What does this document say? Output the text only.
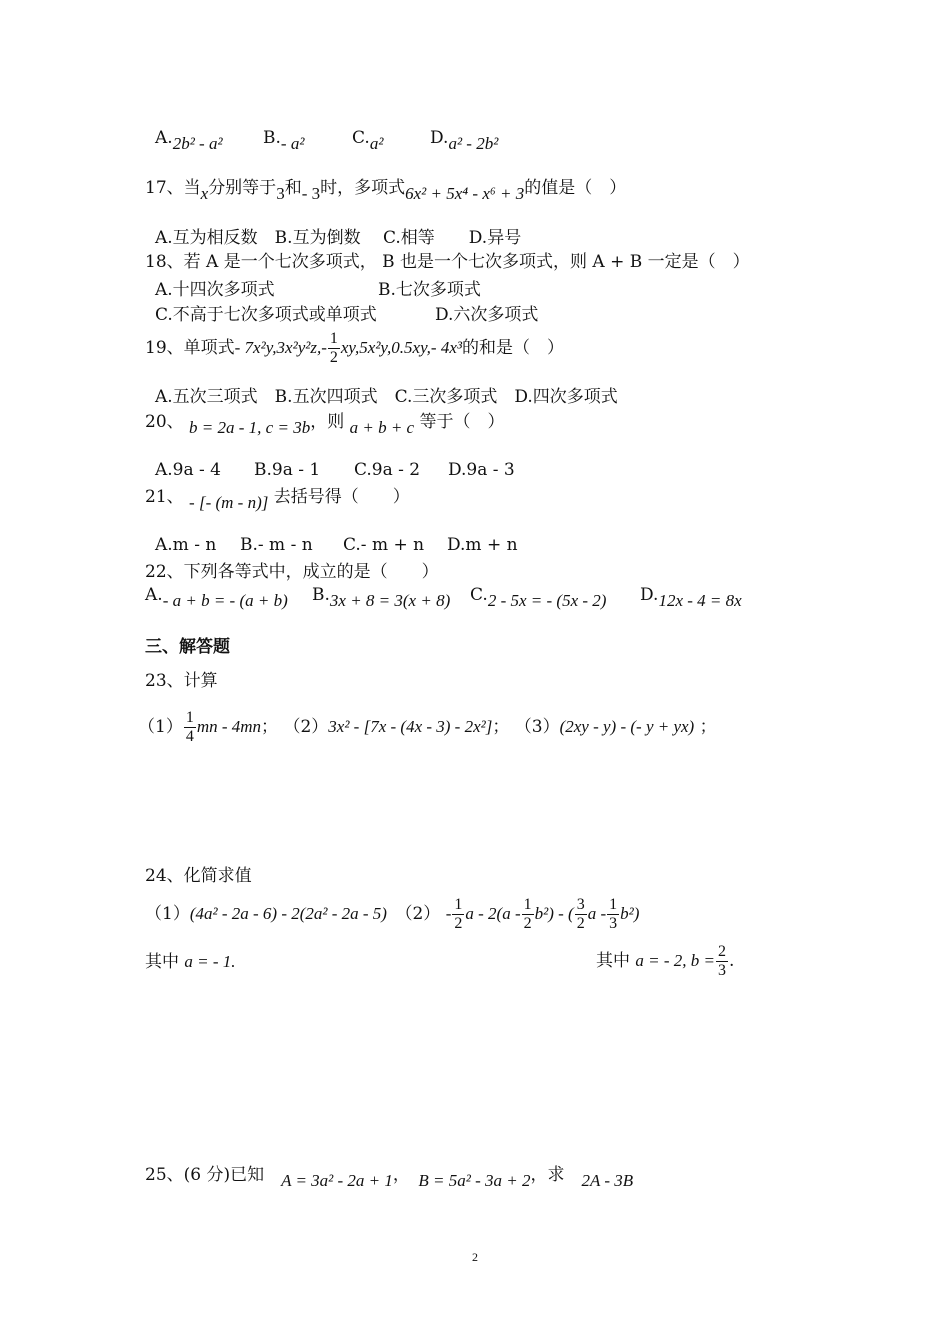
A.2b² - a² B.- a²	C.a²	D.a² - 2b²
17、当x分别等于3和- 3时，多项式6x² + 5x⁴ - x⁶ + 3的值是（　）
A.互为相反数　B.互为倒数　 C.相等　　D.异号
18、若 A 是一个七次多项式， B 也是一个七次多项式，则 A + B 一定是（　）
A.十四次多项式	B.七次多项式
C.不高于七次多项式或单项式	D.六次多项式
19、单项式- $7x^2y,3x^2y^2z,- \frac{1}{2} xy,5x^2y,0.5xy,-$ 4x³的和是（　）
A.五次三项式　B.五次四项式　C.三次多项式　D.四次多项式
20、 b = 2a - 1, c = 3b，则 a + b + c 等于（　）
A.9a - 4 B.9a - 1 C.9a - 2 D.9a - 3
21、 - [- (m - n)] 去括号得（　　）
A.m - n B.- m - n C.- m + n D.m + n
22、下列各等式中，成立的是（　　）
A.- a + b = - (a + b) B.3x + 8 = 3(x + 8) C.2 - 5x = - (5x - 2) D.12x - 4 = 8x
三、解答题
23、计算
$(1) \frac{1}{4}$ mn - 4mn； （2）3x² - [7x - (4x - 3) - 2x²]； （3）(2xy - y) - (- y + yx) ；
24、化简求值
（1）(4a² - 2a - 6) - 2(2a² - 2a - 5)　 $(2) - \frac{1}{2}$ a - $2(a - \frac{1}{2} b^2)$ - ( $\frac{3}{2}$ a - $\frac{1}{3} b^2$)
其中 a = - 1.	其中 a = - 2, $b = \frac{2}{3}$ .
25、(6 分)已知　 A = 3a² - 2a + 1，　 B = 5a² - 3a + 2，求　 2A - 3B
2
